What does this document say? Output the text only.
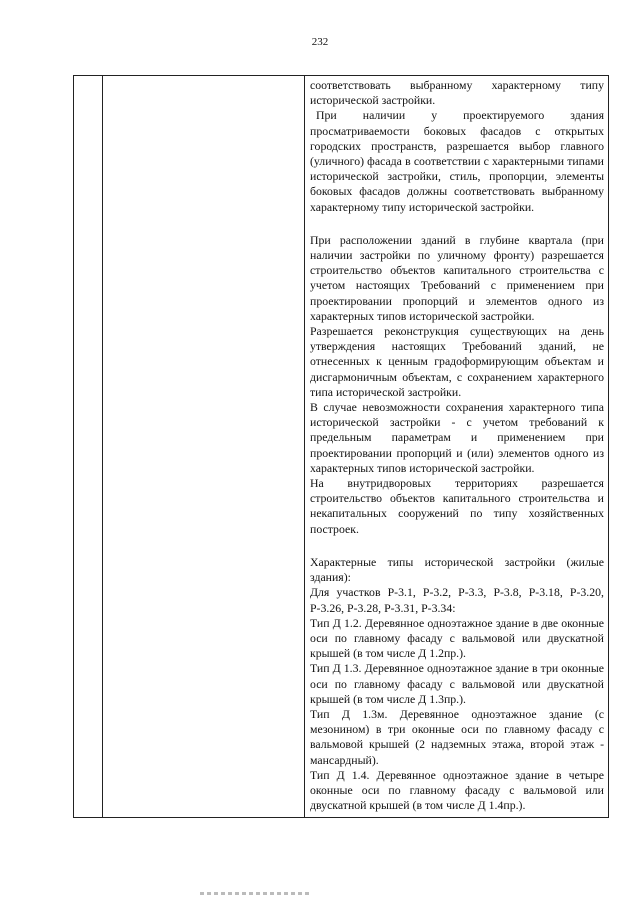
232

соответствовать выбранному характерному типу исторической застройки.

При наличии у проектируемого здания просматриваемости боковых фасадов с открытых городских пространств, разрешается выбор главного (уличного) фасада в соответствии с характерными типами исторической застройки, стиль, пропорции, элементы боковых фасадов должны соответствовать выбранному характерному типу исторической застройки.

При расположении зданий в глубине квартала (при наличии застройки по уличному фронту) разрешается строительство объектов капитального строительства с учетом настоящих Требований с применением при проектировании пропорций и элементов одного из характерных типов исторической застройки.

Разрешается реконструкция существующих на день утверждения настоящих Требований зданий, не отнесенных к ценным градоформирующим объектам и дисгармоничным объектам, с сохранением характерного типа исторической застройки.

В случае невозможности сохранения характерного типа исторической застройки - с учетом требований к предельным параметрам и применением при проектировании пропорций и (или) элементов одного из характерных типов исторической застройки.

На внутридворовых территориях разрешается строительство объектов капитального строительства и некапитальных сооружений по типу хозяйственных построек.

Характерные типы исторической застройки (жилые здания):

Для участков Р-3.1, Р-3.2, Р-3.3, Р-3.8, Р-3.18, Р-3.20, Р-3.26, Р-3.28, Р-3.31, Р-3.34:

Тип Д 1.2. Деревянное одноэтажное здание в две оконные оси по главному фасаду с вальмовой или двускатной крышей (в том числе Д 1.2пр.).

Тип Д 1.3. Деревянное одноэтажное здание в три оконные оси по главному фасаду с вальмовой или двускатной крышей (в том числе Д 1.3пр.).

Тип Д 1.3м. Деревянное одноэтажное здание (с мезонином) в три оконные оси по главному фасаду с вальмовой крышей (2 надземных этажа, второй этаж - мансардный).

Тип Д 1.4. Деревянное одноэтажное здание в четыре оконные оси по главному фасаду с вальмовой или двускатной крышей (в том числе Д 1.4пр.).
